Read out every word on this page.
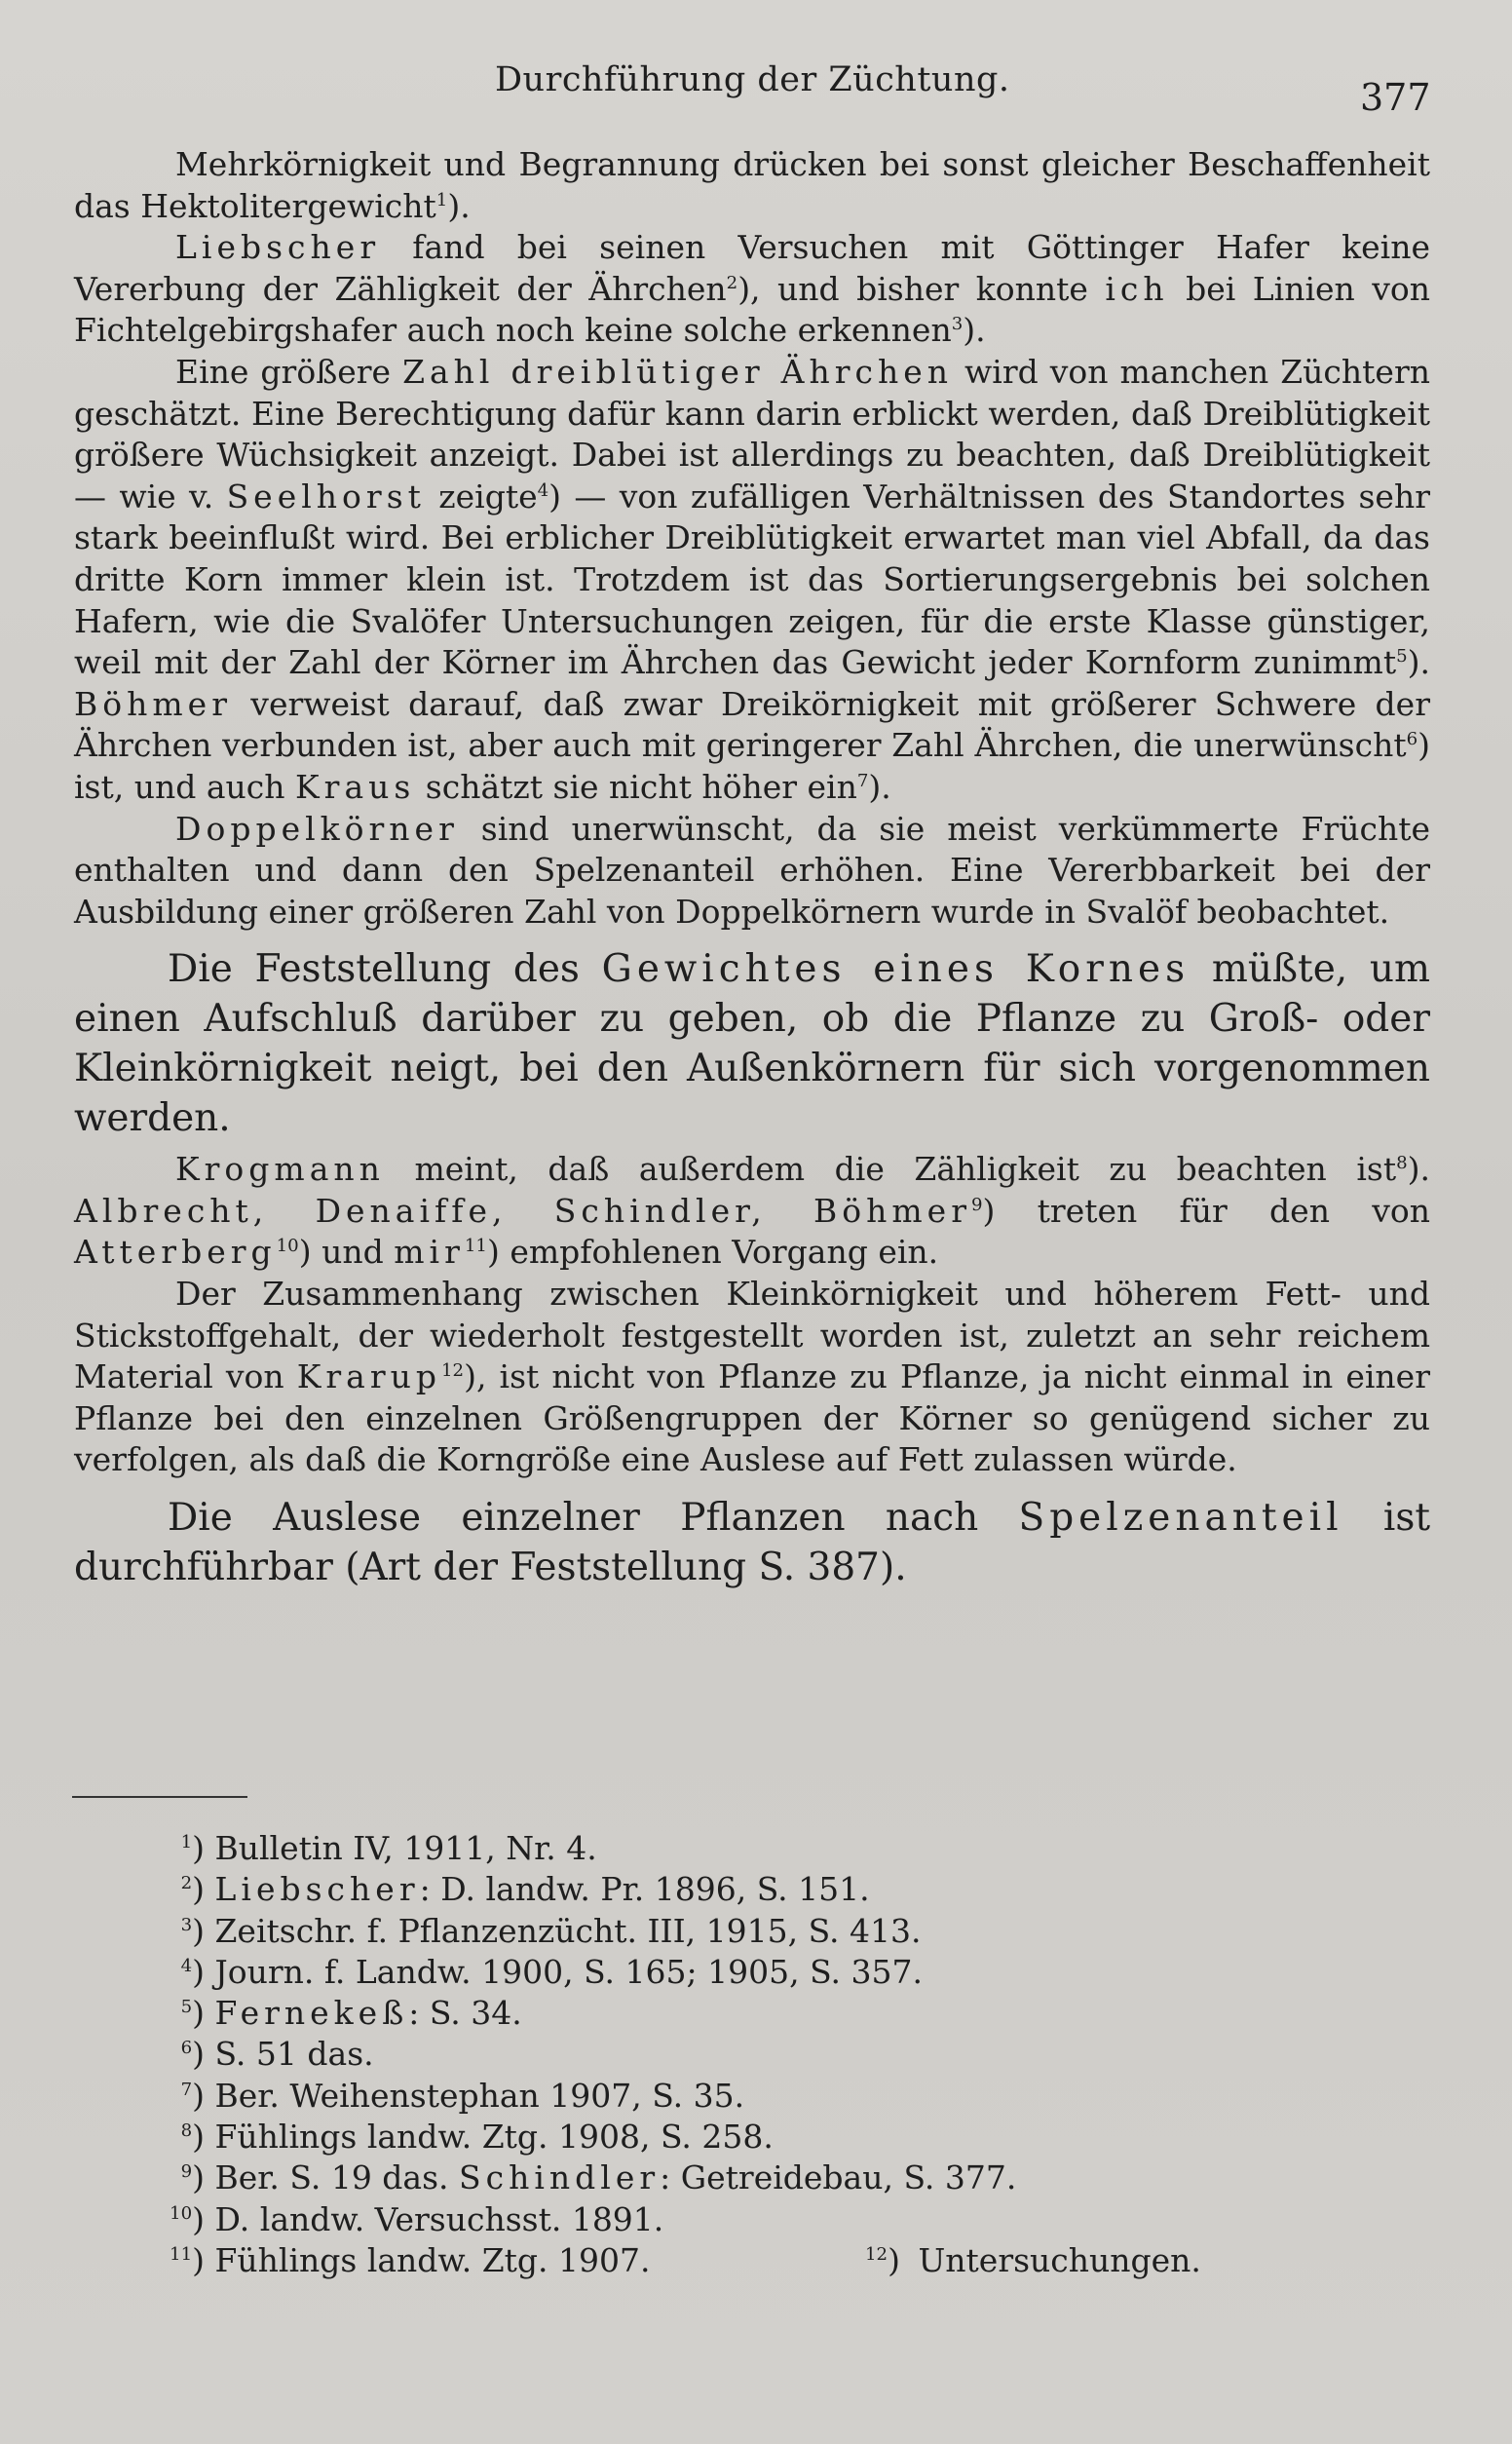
Durchführung der Züchtung.	377

Mehrkörnigkeit und Begrannung drücken bei sonst gleicher Beschaffenheit das Hektolitergewicht$^1$).

Liebscher fand bei seinen Versuchen mit Göttinger Hafer keine Vererbung der Zähligkeit der Ährchen$^2$), und bisher konnte ich bei Linien von Fichtelgebirgshafer auch noch keine solche erkennen$^3$).

Eine größere Zahl dreiblütiger Ährchen wird von manchen Züchtern geschätzt. Eine Berechtigung dafür kann darin erblickt werden, daß Dreiblütigkeit größere Wüchsigkeit anzeigt. Dabei ist allerdings zu beachten, daß Dreiblütigkeit — wie v. Seelhorst zeigte$^4$) — von zufälligen Verhältnissen des Standortes sehr stark beeinflußt wird. Bei erblicher Dreiblütigkeit erwartet man viel Abfall, da das dritte Korn immer klein ist. Trotzdem ist das Sortierungsergebnis bei solchen Hafern, wie die Svalöfer Untersuchungen zeigen, für die erste Klasse günstiger, weil mit der Zahl der Körner im Ährchen das Gewicht jeder Kornform zunimmt$^5$). Böhmer verweist darauf, daß zwar Dreikörnigkeit mit größerer Schwere der Ährchen verbunden ist, aber auch mit geringerer Zahl Ährchen, die unerwünscht$^6$) ist, und auch Kraus schätzt sie nicht höher ein$^7$).

Doppelkörner sind unerwünscht, da sie meist verkümmerte Früchte enthalten und dann den Spelzenanteil erhöhen. Eine Vererbbarkeit bei der Ausbildung einer größeren Zahl von Doppelkörnern wurde in Svalöf beobachtet.

Die Feststellung des Gewichtes eines Kornes müßte, um einen Aufschluß darüber zu geben, ob die Pflanze zu Groß- oder Kleinkörnigkeit neigt, bei den Außenkörnern für sich vorgenommen werden.

Krogmann meint, daß außerdem die Zähligkeit zu beachten ist$^8$). Albrecht, Denaiffe, Schindler, Böhmer$^9$) treten für den von Atterberg$^{10}$) und mir$^{11}$) empfohlenen Vorgang ein.

Der Zusammenhang zwischen Kleinkörnigkeit und höherem Fett- und Stickstoffgehalt, der wiederholt festgestellt worden ist, zuletzt an sehr reichem Material von Krarup$^{12}$), ist nicht von Pflanze zu Pflanze, ja nicht einmal in einer Pflanze bei den einzelnen Größengruppen der Körner so genügend sicher zu verfolgen, als daß die Korngröße eine Auslese auf Fett zulassen würde.

Die Auslese einzelner Pflanzen nach Spelzenanteil ist durchführbar (Art der Feststellung S. 387).

$^1$) Bulletin IV, 1911, Nr. 4.
$^2$) Liebscher: D. landw. Pr. 1896, S. 151.
$^3$) Zeitschr. f. Pflanzenzücht. III, 1915, S. 413.
$^4$) Journ. f. Landw. 1900, S. 165; 1905, S. 357.
$^5$) Fernekeß: S. 34.
$^6$) S. 51 das.
$^7$) Ber. Weihenstephan 1907, S. 35.
$^8$) Fühlings landw. Ztg. 1908, S. 258.
$^9$) Ber. S. 19 das. Schindler: Getreidebau, S. 377.
$^{10}$) D. landw. Versuchsst. 1891.
$^{11}$) Fühlings landw. Ztg. 1907.	$^{12}$) Untersuchungen.
